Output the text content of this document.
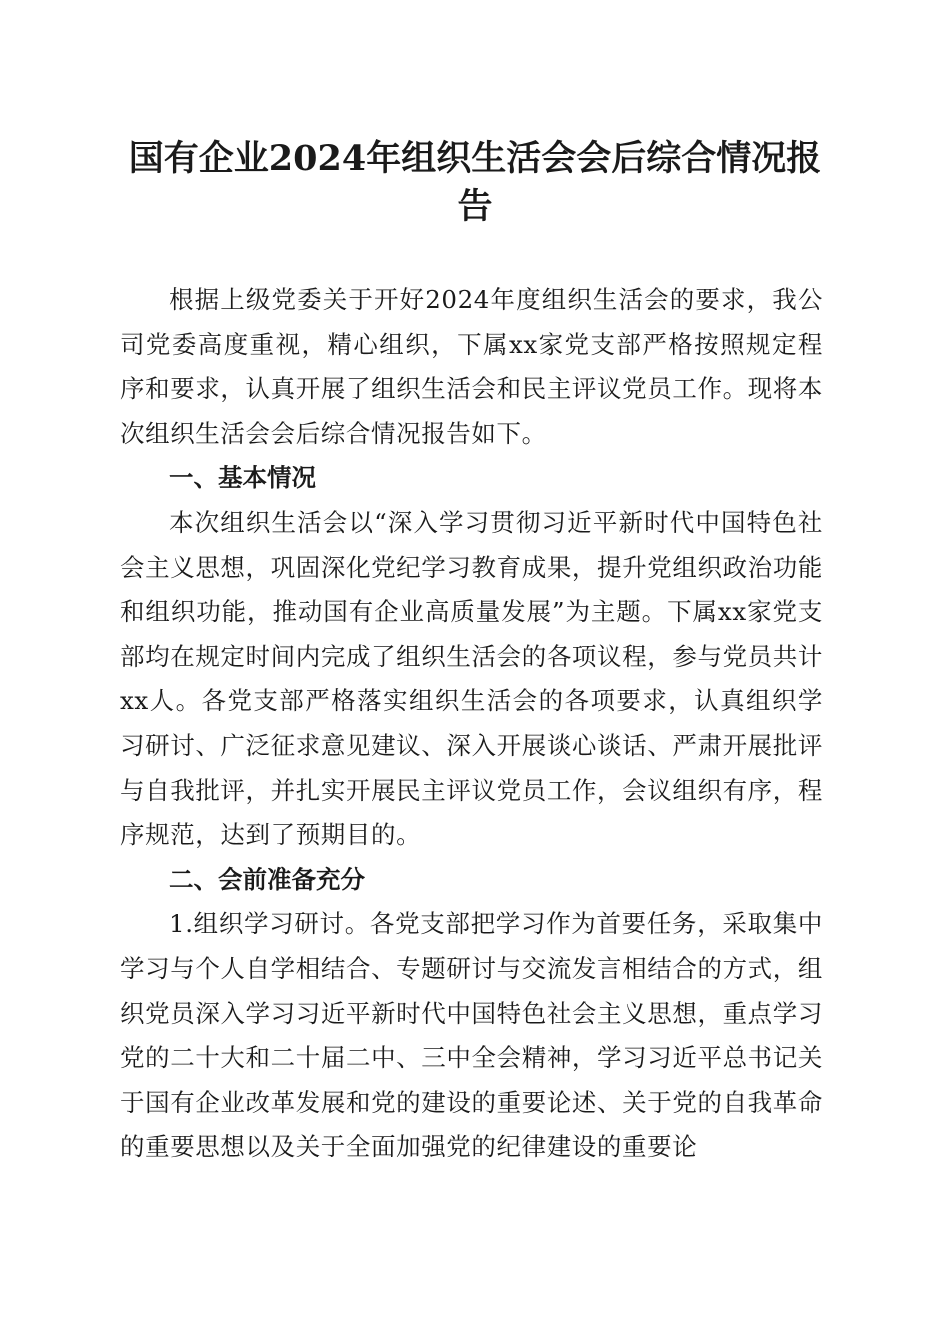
国有企业2024年组织生活会会后综合情况报告

根据上级党委关于开好2024年度组织生活会的要求，我公司党委高度重视，精心组织，下属xx家党支部严格按照规定程序和要求，认真开展了组织生活会和民主评议党员工作。现将本次组织生活会会后综合情况报告如下。

一、基本情况

本次组织生活会以“深入学习贯彻习近平新时代中国特色社会主义思想，巩固深化党纪学习教育成果，提升党组织政治功能和组织功能，推动国有企业高质量发展”为主题。下属xx家党支部均在规定时间内完成了组织生活会的各项议程，参与党员共计xx人。各党支部严格落实组织生活会的各项要求，认真组织学习研讨、广泛征求意见建议、深入开展谈心谈话、严肃开展批评与自我批评，并扎实开展民主评议党员工作，会议组织有序，程序规范，达到了预期目的。

二、会前准备充分

1.组织学习研讨。各党支部把学习作为首要任务，采取集中学习与个人自学相结合、专题研讨与交流发言相结合的方式，组织党员深入学习习近平新时代中国特色社会主义思想，重点学习党的二十大和二十届二中、三中全会精神，学习习近平总书记关于国有企业改革发展和党的建设的重要论述、关于党的自我革命的重要思想以及关于全面加强党的纪律建设的重要论
